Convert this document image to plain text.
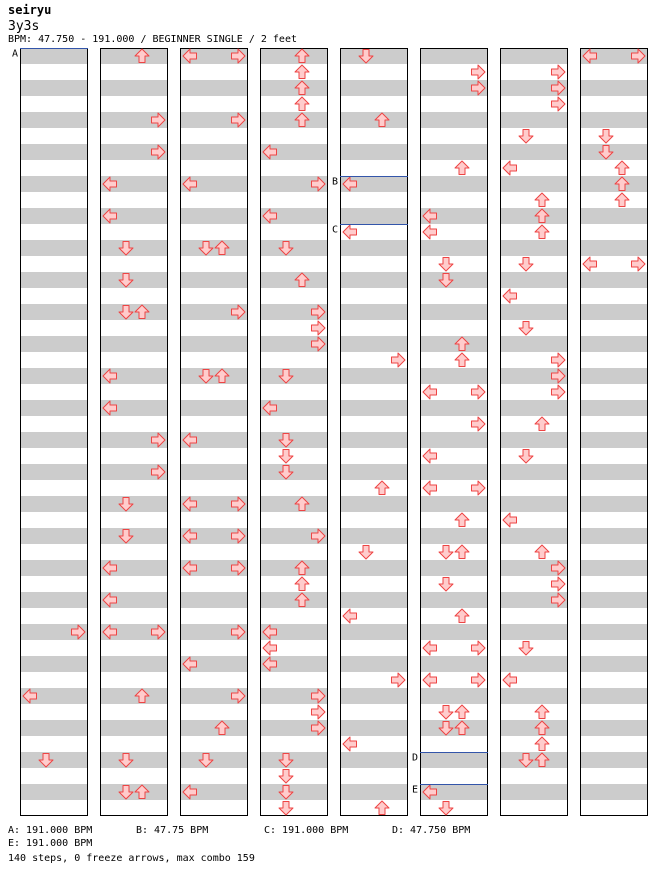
seiryu
3y3s
BPM: 47.750 - 191.000 / BEGINNER SINGLE / 2 feet
A
B
C
D
E
A: 191.000 BPM	B: 47.75 BPM	C: 191.000 BPM	D: 47.750 BPM
E: 191.000 BPM
140 steps, 0 freeze arrows, max combo 159
